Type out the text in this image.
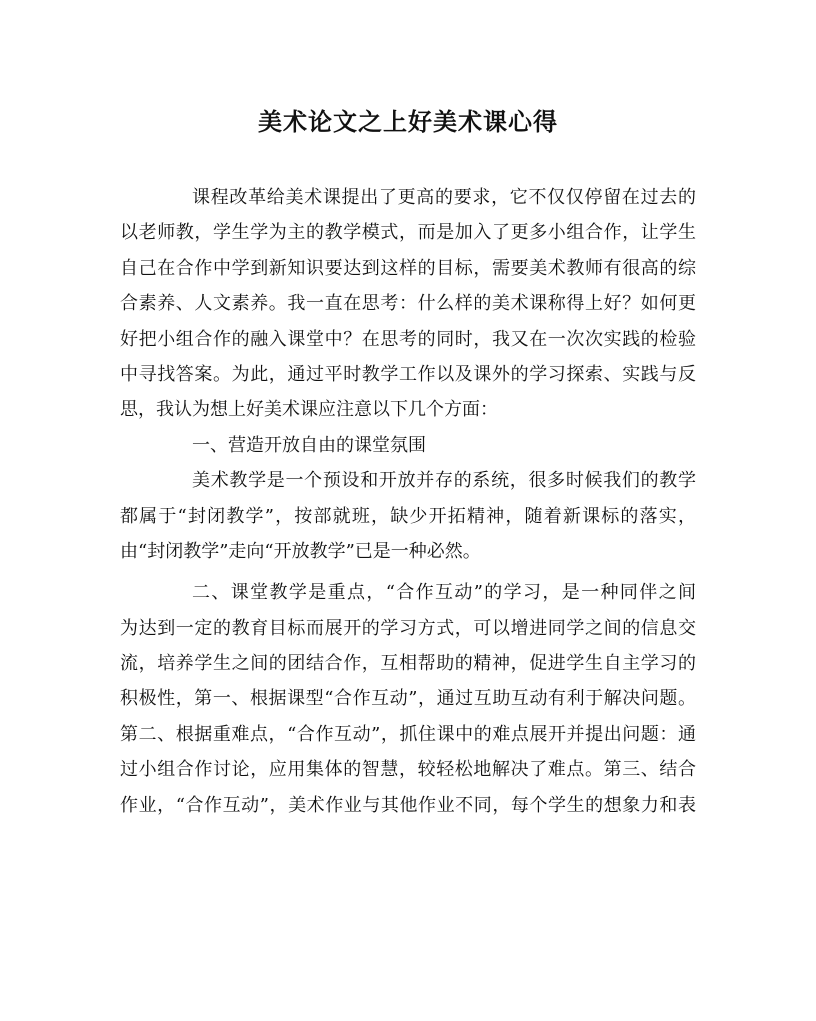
美术论文之上好美术课心得
课程改革给美术课提出了更高的要求，它不仅仅停留在过去的
以老师教，学生学为主的教学模式，而是加入了更多小组合作，让学生
自己在合作中学到新知识要达到这样的目标，需要美术教师有很高的综
合素养、人文素养。我一直在思考：什么样的美术课称得上好？如何更
好把小组合作的融入课堂中？在思考的同时，我又在一次次实践的检验
中寻找答案。为此，通过平时教学工作以及课外的学习探索、实践与反
思，我认为想上好美术课应注意以下几个方面：
一、营造开放自由的课堂氛围
美术教学是一个预设和开放并存的系统，很多时候我们的教学
都属于“封闭教学”，按部就班，缺少开拓精神，随着新课标的落实，
由“封闭教学”走向“开放教学”已是一种必然。
二、课堂教学是重点，“合作互动”的学习，是一种同伴之间
为达到一定的教育目标而展开的学习方式，可以增进同学之间的信息交
流，培养学生之间的团结合作，互相帮助的精神，促进学生自主学习的
积极性，第一、根据课型“合作互动”，通过互助互动有利于解决问题。
第二、根据重难点，“合作互动”，抓住课中的难点展开并提出问题：通
过小组合作讨论，应用集体的智慧，较轻松地解决了难点。第三、结合
作业，“合作互动”，美术作业与其他作业不同，每个学生的想象力和表
